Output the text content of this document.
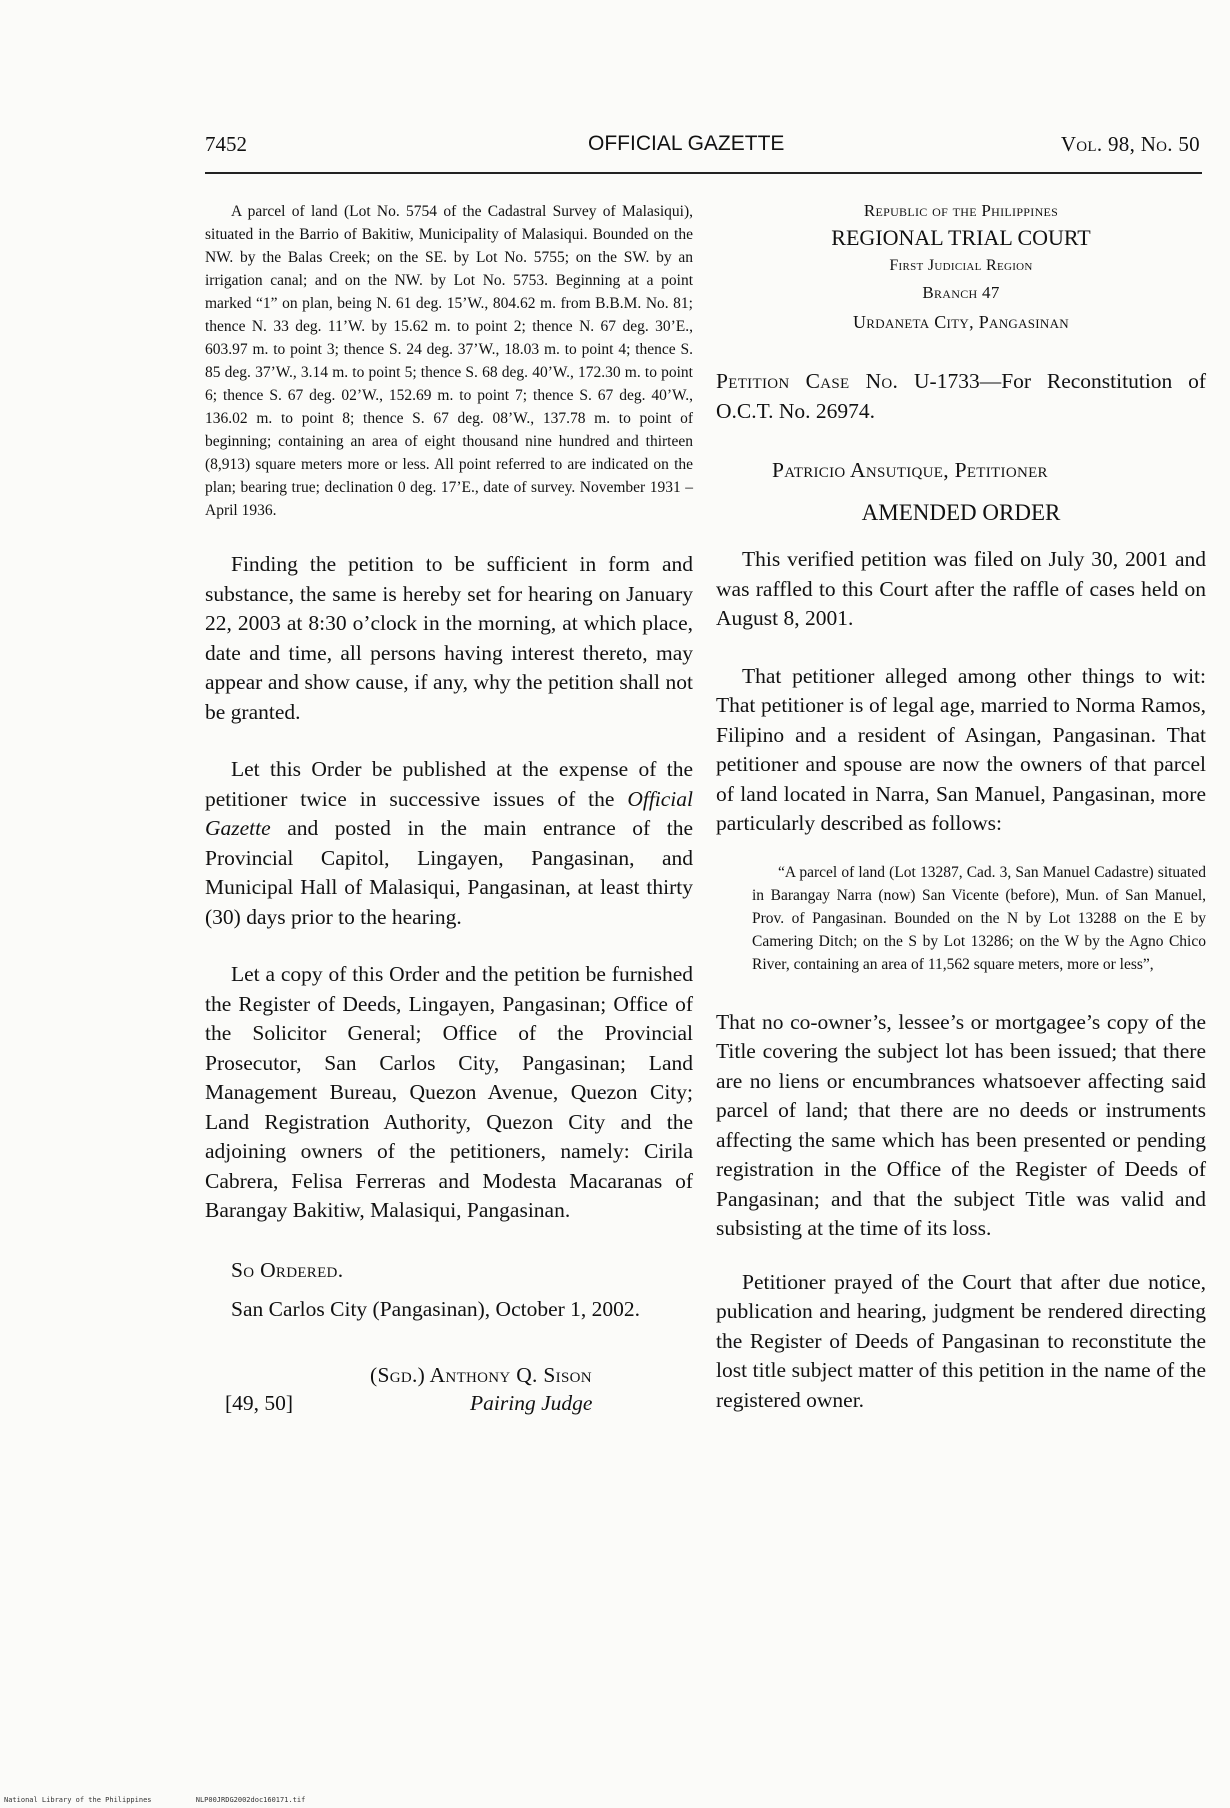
7452	OFFICIAL GAZETTE	Vol. 98, No. 50

A parcel of land (Lot No. 5754 of the Cadastral Survey of Malasiqui), situated in the Barrio of Bakitiw, Municipality of Malasiqui. Bounded on the NW. by the Balas Creek; on the SE. by Lot No. 5755; on the SW. by an irrigation canal; and on the NW. by Lot No. 5753. Beginning at a point marked “1” on plan, being N. 61 deg. 15’W., 804.62 m. from B.B.M. No. 81; thence N. 33 deg. 11’W. by 15.62 m. to point 2; thence N. 67 deg. 30’E., 603.97 m. to point 3; thence S. 24 deg. 37’W., 18.03 m. to point 4; thence S. 85 deg. 37’W., 3.14 m. to point 5; thence S. 68 deg. 40’W., 172.30 m. to point 6; thence S. 67 deg. 02’W., 152.69 m. to point 7; thence S. 67 deg. 40’W., 136.02 m. to point 8; thence S. 67 deg. 08’W., 137.78 m. to point of beginning; containing an area of eight thousand nine hundred and thirteen (8,913) square meters more or less. All point referred to are indicated on the plan; bearing true; declination 0 deg. 17’E., date of survey. November 1931 – April 1936.

Finding the petition to be sufficient in form and substance, the same is hereby set for hearing on January 22, 2003 at 8:30 o’clock in the morning, at which place, date and time, all persons having interest thereto, may appear and show cause, if any, why the petition shall not be granted.

Let this Order be published at the expense of the petitioner twice in successive issues of the Official Gazette and posted in the main entrance of the Provincial Capitol, Lingayen, Pangasinan, and Municipal Hall of Malasiqui, Pangasinan, at least thirty (30) days prior to the hearing.

Let a copy of this Order and the petition be furnished the Register of Deeds, Lingayen, Pangasinan; Office of the Solicitor General; Office of the Provincial Prosecutor, San Carlos City, Pangasinan; Land Management Bureau, Quezon Avenue, Quezon City; Land Registration Authority, Quezon City and the adjoining owners of the petitioners, namely: Cirila Cabrera, Felisa Ferreras and Modesta Macaranas of Barangay Bakitiw, Malasiqui, Pangasinan.

So Ordered.

San Carlos City (Pangasinan), October 1, 2002.

(Sgd.) Anthony Q. Sison
[49, 50]	Pairing Judge

Republic of the Philippines

REGIONAL TRIAL COURT

First Judicial Region

Branch 47

Urdaneta City, Pangasinan

Petition Case No. U-1733—For Reconstitution of O.C.T. No. 26974.

Patricio Ansutique, Petitioner

AMENDED ORDER

This verified petition was filed on July 30, 2001 and was raffled to this Court after the raffle of cases held on August 8, 2001.

That petitioner alleged among other things to wit: That petitioner is of legal age, married to Norma Ramos, Filipino and a resident of Asingan, Pangasinan. That petitioner and spouse are now the owners of that parcel of land located in Narra, San Manuel, Pangasinan, more particularly described as follows:

“A parcel of land (Lot 13287, Cad. 3, San Manuel Cadastre) situated in Barangay Narra (now) San Vicente (before), Mun. of San Manuel, Prov. of Pangasinan. Bounded on the N by Lot 13288 on the E by Camering Ditch; on the S by Lot 13286; on the W by the Agno Chico River, containing an area of 11,562 square meters, more or less”,

That no co-owner’s, lessee’s or mortgagee’s copy of the Title covering the subject lot has been issued; that there are no liens or encumbrances whatsoever affecting said parcel of land; that there are no deeds or instruments affecting the same which has been presented or pending registration in the Office of the Register of Deeds of Pangasinan; and that the subject Title was valid and subsisting at the time of its loss.

Petitioner prayed of the Court that after due notice, publication and hearing, judgment be rendered directing the Register of Deeds of Pangasinan to reconstitute the lost title subject matter of this petition in the name of the registered owner.

National Library of the Philippines	NLP00JRDG2002doc160171.tif
